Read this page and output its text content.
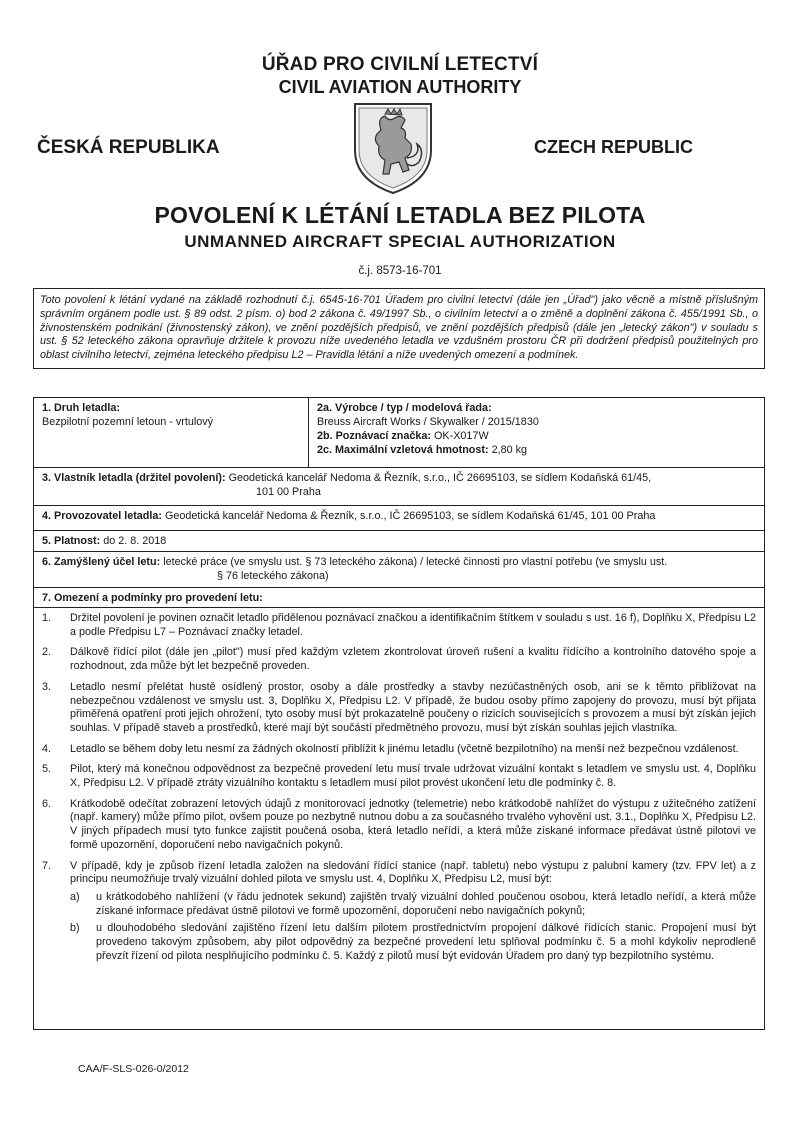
ÚŘAD PRO CIVILNÍ LETECTVÍ
CIVIL AVIATION AUTHORITY
ČESKÁ REPUBLIKA	CZECH REPUBLIC
POVOLENÍ K LÉTÁNÍ LETADLA BEZ PILOTA
UNMANNED AIRCRAFT SPECIAL AUTHORIZATION
č.j. 8573-16-701
Toto povolení k létání vydané na základě rozhodnutí č.j. 6545-16-701 Úřadem pro civilní letectví (dále jen „Úřad") jako věcně a místně příslušným správním orgánem podle ust. § 89 odst. 2 písm. o) bod 2 zákona č. 49/1997 Sb., o civilním letectví a o změně a doplnění zákona č. 455/1991 Sb., o živnostenském podnikání (živnostenský zákon), ve znění pozdějších předpisů, ve znění pozdějších předpisů (dále jen „letecký zákon") v souladu s ust. § 52 leteckého zákona opravňuje držitele k provozu níže uvedeného letadla ve vzdušném prostoru ČR při dodržení předpisů použitelných pro oblast civilního letectví, zejména leteckého předpisu L2 – Pravidla létání a níže uvedených omezení a podmínek.
1. Druh letadla:
Bezpilotní pozemní letoun - vrtulový
2a. Výrobce / typ / modelová řada:
Breuss Aircraft Works / Skywalker / 2015/1830
2b. Poznávací značka: OK-X017W
2c. Maximální vzletová hmotnost: 2,80 kg
3. Vlastník letadla (držitel povolení): Geodetická kancelář Nedoma & Řezník, s.r.o., IČ 26695103, se sídlem Kodaňská 61/45,
101 00 Praha
4. Provozovatel letadla: Geodetická kancelář Nedoma & Řezník, s.r.o., IČ 26695103, se sídlem Kodaňská 61/45, 101 00 Praha
5. Platnost: do 2. 8. 2018
6. Zamýšlený účel letu: letecké práce (ve smyslu ust. § 73 leteckého zákona) / letecké činnosti pro vlastní potřebu (ve smyslu ust.
§ 76 leteckého zákona)
7. Omezení a podmínky pro provedení letu:
1.	Držitel povolení je povinen označit letadlo přidělenou poznávací značkou a identifikačním štítkem v souladu s ust. 16 f), Doplňku X, Předpisu L2 a podle Předpisu L7 – Poznávací značky letadel.
2.	Dálkově řídící pilot (dále jen „pilot") musí před každým vzletem zkontrolovat úroveň rušení a kvalitu řídícího a kontrolního datového spoje a rozhodnout, zda může být let bezpečně proveden.
3.	Letadlo nesmí přelétat hustě osídlený prostor, osoby a dále prostředky a stavby nezúčastněných osob, ani se k těmto přibližovat na nebezpečnou vzdálenost ve smyslu ust. 3, Doplňku X, Předpisu L2. V případě, že budou osoby přímo zapojeny do provozu, musí být přijata přiměřená opatření proti jejich ohrožení, tyto osoby musí být prokazatelně poučeny o rizicích souvisejících s provozem a musí být získán jejich souhlas. V případě staveb a prostředků, které mají být součástí předmětného provozu, musí být získán souhlas jejich vlastníka.
4.	Letadlo se během doby letu nesmí za žádných okolností přiblížit k jinému letadlu (včetně bezpilotního) na menší než bezpečnou vzdálenost.
5.	Pilot, který má konečnou odpovědnost za bezpečné provedení letu musí trvale udržovat vizuální kontakt s letadlem ve smyslu ust. 4, Doplňku X, Předpisu L2. V případě ztráty vizuálního kontaktu s letadlem musí pilot provést ukončení letu dle podmínky č. 8.
6.	Krátkodobě odečítat zobrazení letových údajů z monitorovací jednotky (telemetrie) nebo krátkodobě nahlížet do výstupu z užitečného zatížení (např. kamery) může přímo pilot, ovšem pouze po nezbytně nutnou dobu a za současného trvalého vyhovění ust. 3.1., Doplňku X, Předpisu L2. V jiných případech musí tyto funkce zajistit poučená osoba, která letadlo neřídí, a která může získané informace předávat ústně pilotovi ve formě upozornění, doporučení nebo navigačních pokynů.
7.	V případě, kdy je způsob řízení letadla založen na sledování řídící stanice (např. tabletu) nebo výstupu z palubní kamery (tzv. FPV let) a z principu neumožňuje trvalý vizuální dohled pilota ve smyslu ust. 4, Doplňku X, Předpisu L2, musí být:
a)	u krátkodobého nahlížení (v řádu jednotek sekund) zajištěn trvalý vizuální dohled poučenou osobou, která letadlo neřídí, a která může získané informace předávat ústně pilotovi ve formě upozornění, doporučení nebo navigačních pokynů;
b)	u dlouhodobého sledování zajištěno řízení letu dalším pilotem prostřednictvím propojení dálkové řídících stanic. Propojení musí být provedeno takovým způsobem, aby pilot odpovědný za bezpečné provedení letu splňoval podmínku č. 5 a mohl kdykoliv neprodleně převzít řízení od pilota nesplňujícího podmínku č. 5. Každý z pilotů musí být evidován Úřadem pro daný typ bezpilotního systému.
CAA/F-SLS-026-0/2012
